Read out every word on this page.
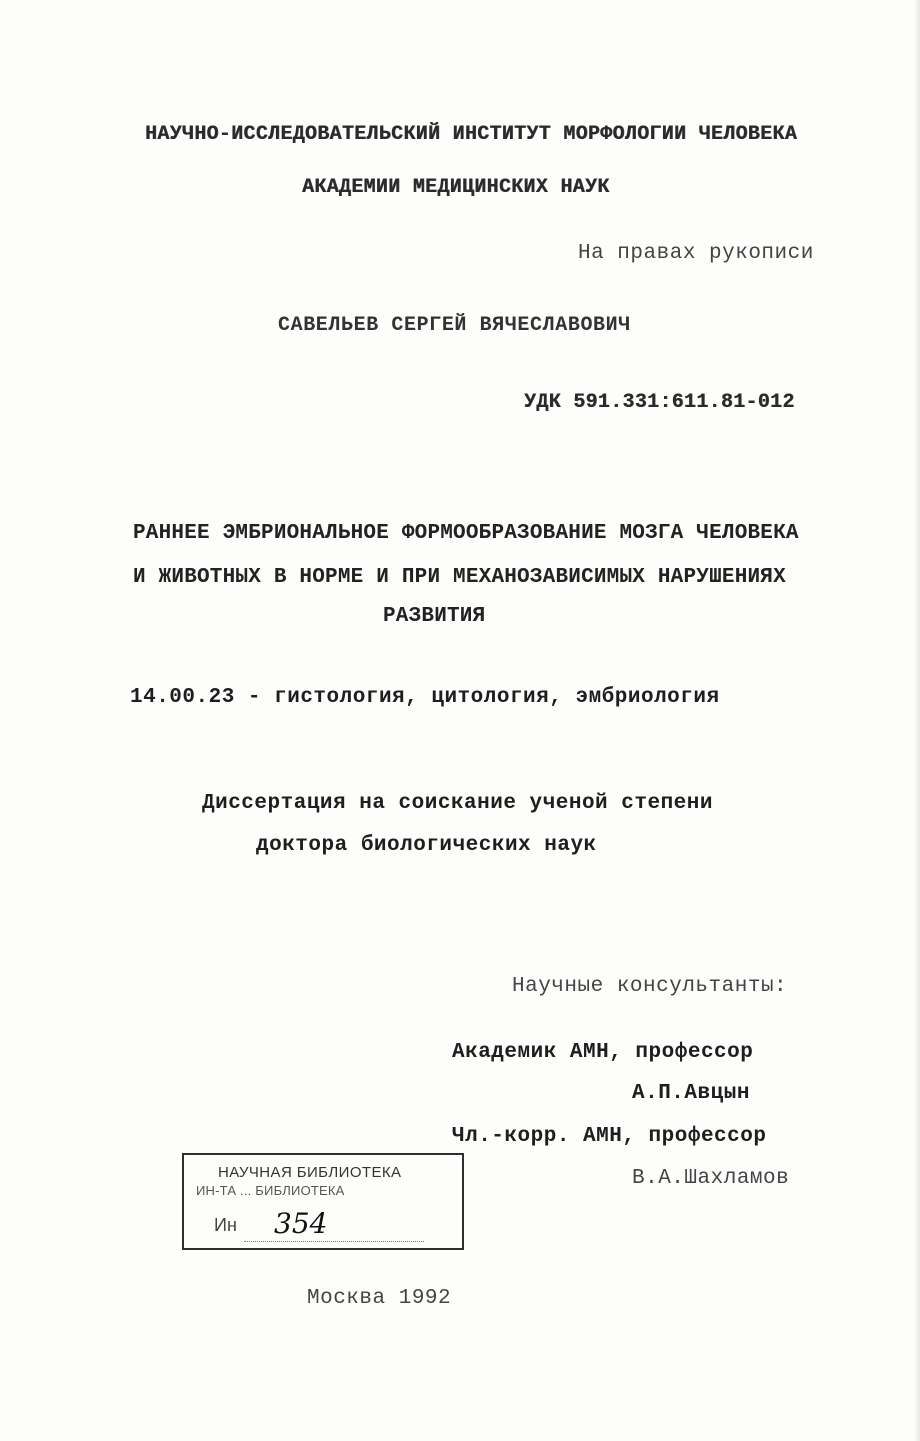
НАУЧНО-ИССЛЕДОВАТЕЛЬСКИЙ ИНСТИТУТ МОРФОЛОГИИ ЧЕЛОВЕКА
АКАДЕМИИ МЕДИЦИНСКИХ НАУК
На правах рукописи
САВЕЛЬЕВ СЕРГЕЙ ВЯЧЕСЛАВОВИЧ
УДК 591.331:611.81-012
РАННЕЕ ЭМБРИОНАЛЬНОЕ ФОРМООБРАЗОВАНИЕ МОЗГА ЧЕЛОВЕКА
И ЖИВОТНЫХ В НОРМЕ И ПРИ МЕХАНОЗАВИСИМЫХ НАРУШЕНИЯХ
РАЗВИТИЯ
14.00.23 - гистология, цитология, эмбриология
Диссертация на соискание ученой степени
доктора биологических наук
Научные консультанты:
Академик АМН, профессор
А.П.Авцын
Чл.-корр. АМН, профессор
В.А.Шахламов
НАУЧНАЯ БИБЛИОТЕКА
ИН-ТА ... БИБЛИОТЕКА
Ин 354
Москва 1992
